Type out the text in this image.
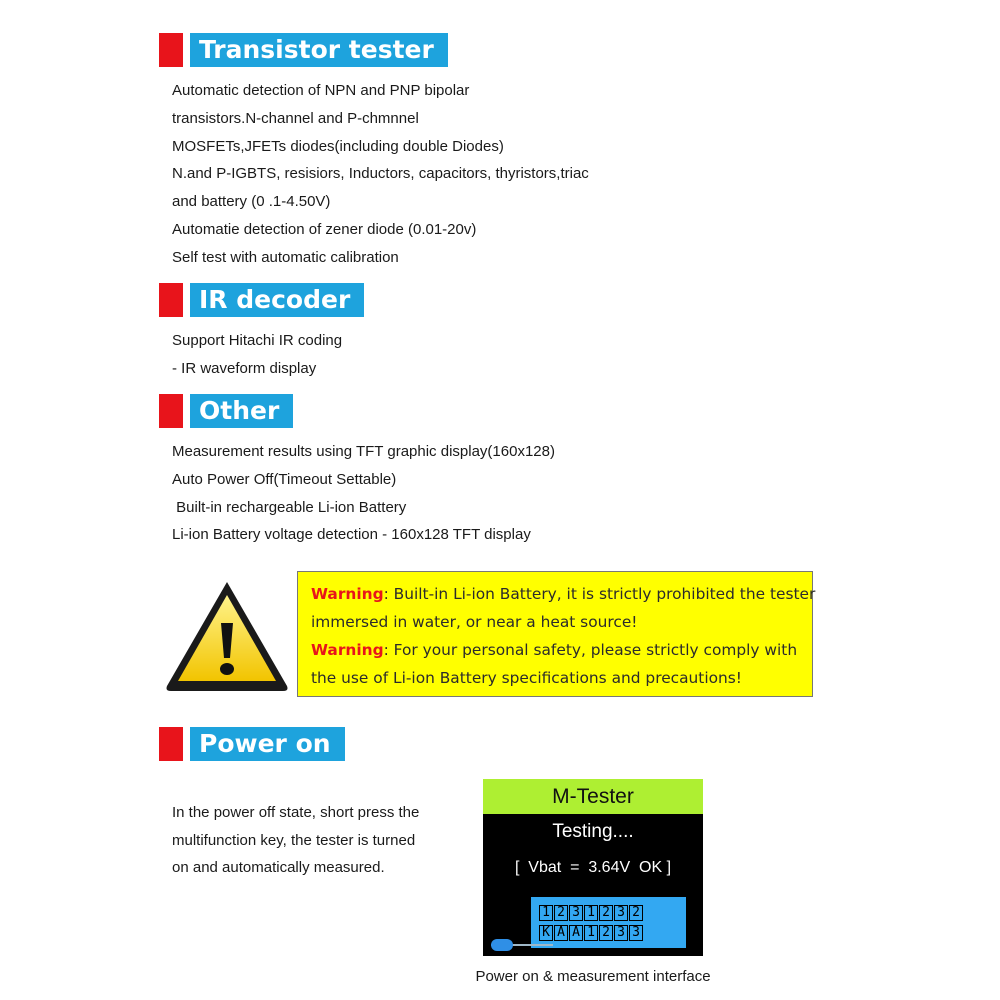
Transistor tester
Automatic detection of NPN and PNP bipolar
transistors.N-channel and P-chmnnel
MOSFETs,JFETs diodes(including double Diodes)
N.and P-IGBTS, resisiors, Inductors, capacitors, thyristors,triac
and battery (0 .1-4.50V)
Automatie detection of zener diode (0.01-20v)
Self test with automatic calibration
IR decoder
Support Hitachi IR coding
- IR waveform display
Other
Measurement results using TFT graphic display(160x128)
Auto Power Off(Timeout Settable)
Built-in rechargeable Li-ion Battery
Li-ion Battery voltage detection - 160x128 TFT display
Warning: Built-in Li-ion Battery, it is strictly prohibited the tester
immersed in water, or near a heat source!
Warning: For your personal safety, please strictly comply with
the use of Li-ion Battery specifications and precautions!
Power on
In the power off state, short press the
multifunction key, the tester is turned
on and automatically measured.
M-Tester
Testing....
[  Vbat  =  3.64V  OK ]
1 2 3 1 2 3 2
K A A 1 2 3 3
Power on & measurement interface
